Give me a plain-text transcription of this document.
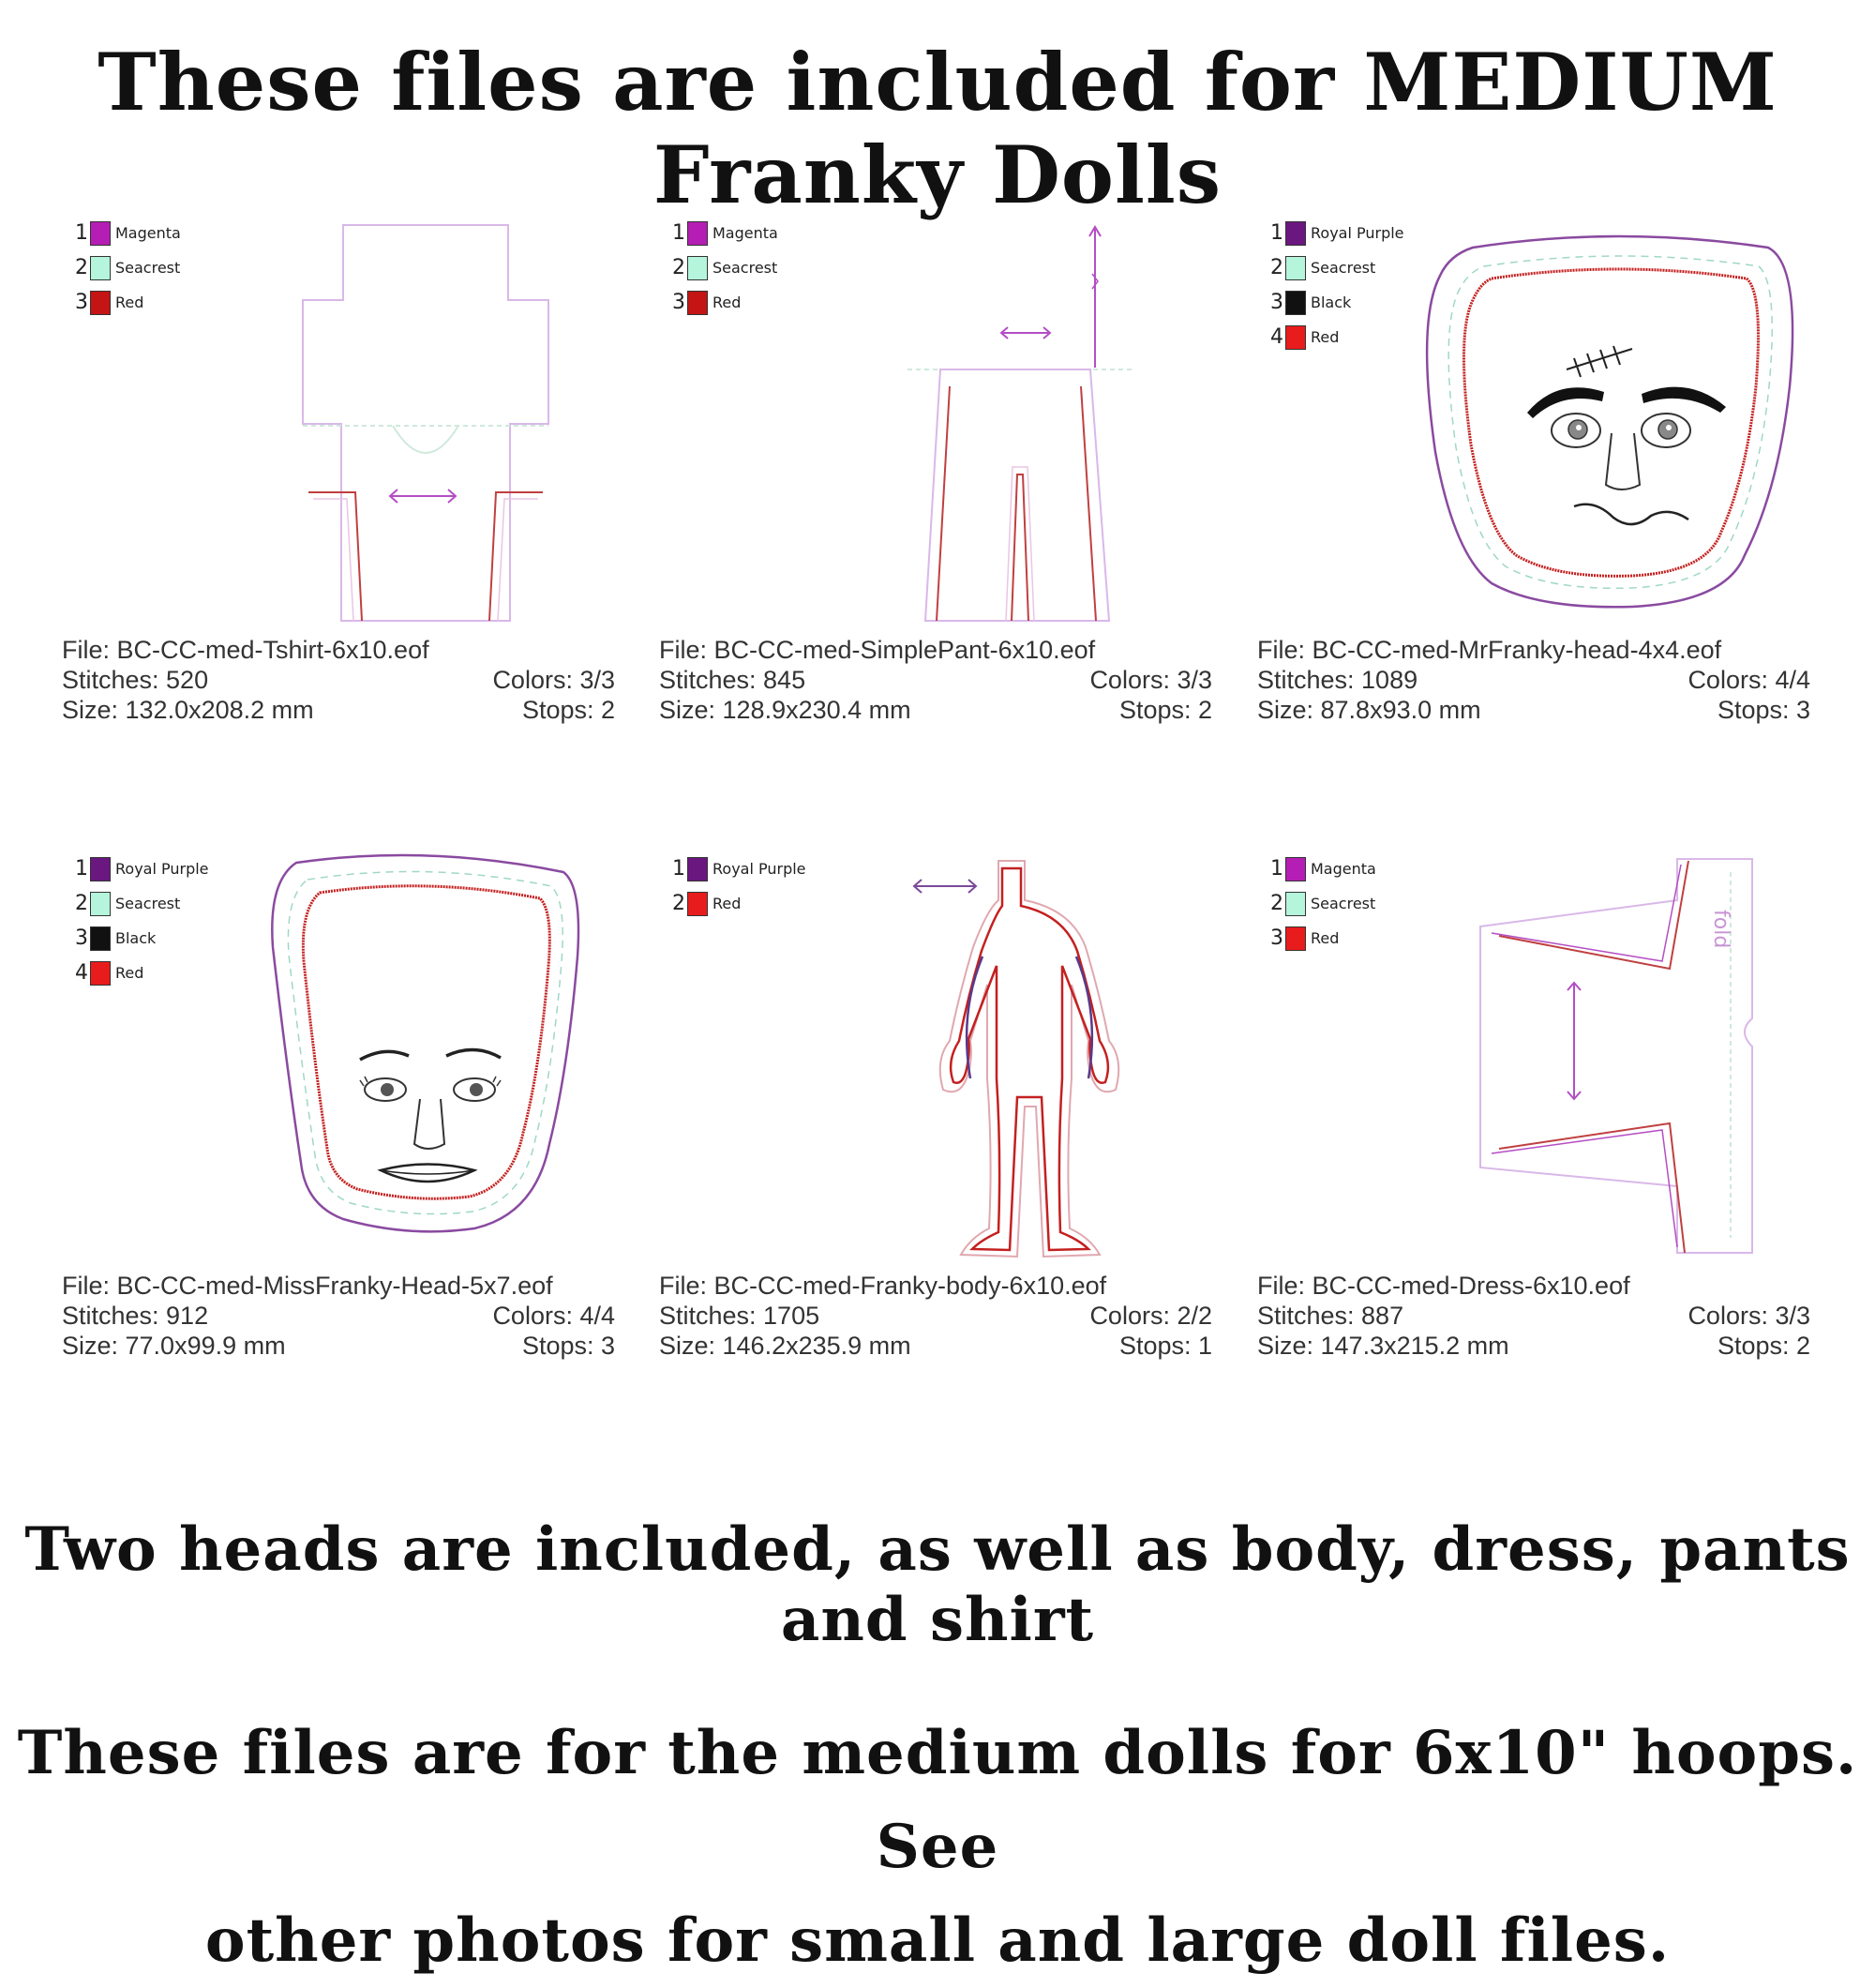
These files are included for MEDIUM Franky Dolls
1 Magenta
2 Seacrest
3 Red
File: BC-CC-med-Tshirt-6x10.eof
Stitches: 520	Colors: 3/3
Size: 132.0x208.2 mm	Stops: 2
1 Magenta
2 Seacrest
3 Red
File: BC-CC-med-SimplePant-6x10.eof
Stitches: 845	Colors: 3/3
Size: 128.9x230.4 mm	Stops: 2
1 Royal Purple
2 Seacrest
3 Black
4 Red
File: BC-CC-med-MrFranky-head-4x4.eof
Stitches: 1089	Colors: 4/4
Size: 87.8x93.0 mm	Stops: 3
1 Royal Purple
2 Seacrest
3 Black
4 Red
File: BC-CC-med-MissFranky-Head-5x7.eof
Stitches: 912	Colors: 4/4
Size: 77.0x99.9 mm	Stops: 3
1 Royal Purple
2 Red
File: BC-CC-med-Franky-body-6x10.eof
Stitches: 1705	Colors: 2/2
Size: 146.2x235.9 mm	Stops: 1
fold
1 Magenta
2 Seacrest
3 Red
File: BC-CC-med-Dress-6x10.eof
Stitches: 887	Colors: 3/3
Size: 147.3x215.2 mm	Stops: 2

Two heads are included, as well as body, dress, pants and shirt

These files are for the medium dolls for 6x10" hoops. See
other photos for small and large doll files.
